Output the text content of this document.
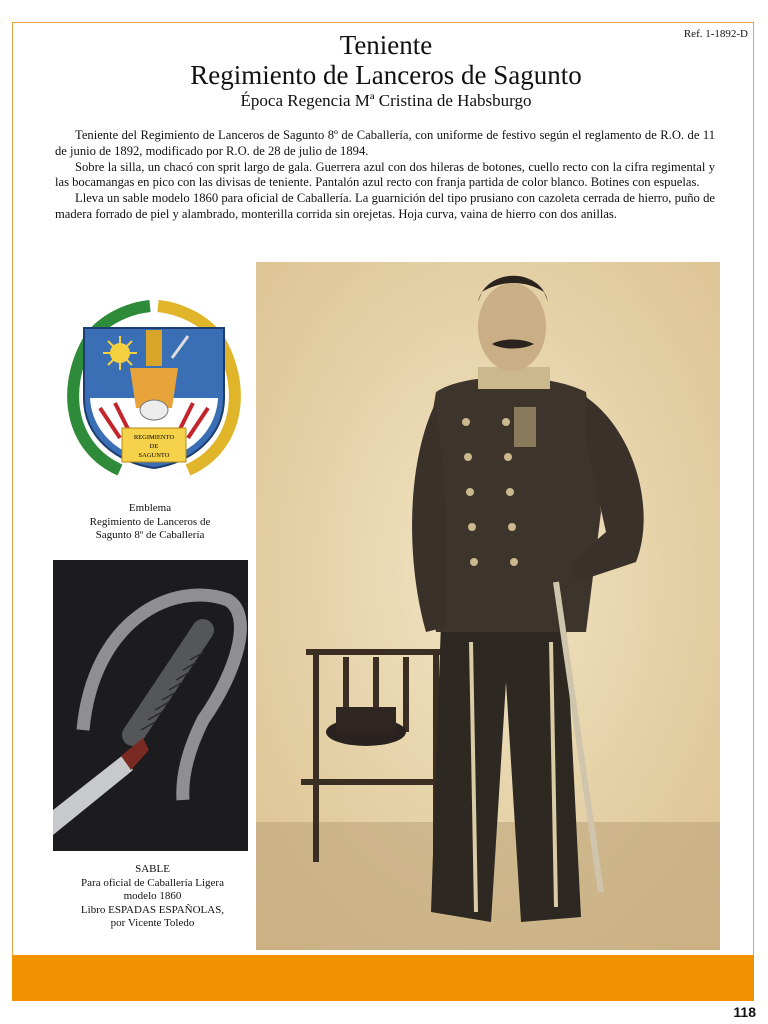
Ref. 1-1892-D
Teniente
Regimiento de Lanceros de Sagunto
Época Regencia Mª Cristina de Habsburgo

Teniente del Regimiento de Lanceros de Sagunto 8º de Caballería, con uniforme de festivo según el reglamento de R.O. de 11 de junio de 1892, modificado por R.O. de 28 de julio de 1894.

Sobre la silla, un chacó con sprit largo de gala. Guerrera azul con dos hileras de botones, cuello recto con la cifra regimental y las bocamangas en pico con las divisas de teniente. Pantalón azul recto con franja partida de color blanco. Botines con espuelas.

Lleva un sable modelo 1860 para oficial de Caballería. La guarnición del tipo prusiano con cazoleta cerrada de hierro, puño de madera forrado de piel y alambrado, monterilla corrida sin orejetas. Hoja curva, vaina de hierro con dos anillas.

REGIMIENTO
DE
SAGUNTO
Emblema
Regimiento de Lanceros de
Sagunto 8º de Caballería
SABLE
Para oficial de Caballería Ligera
modelo 1860
Libro ESPADAS ESPAÑOLAS,
por Vicente Toledo
118
